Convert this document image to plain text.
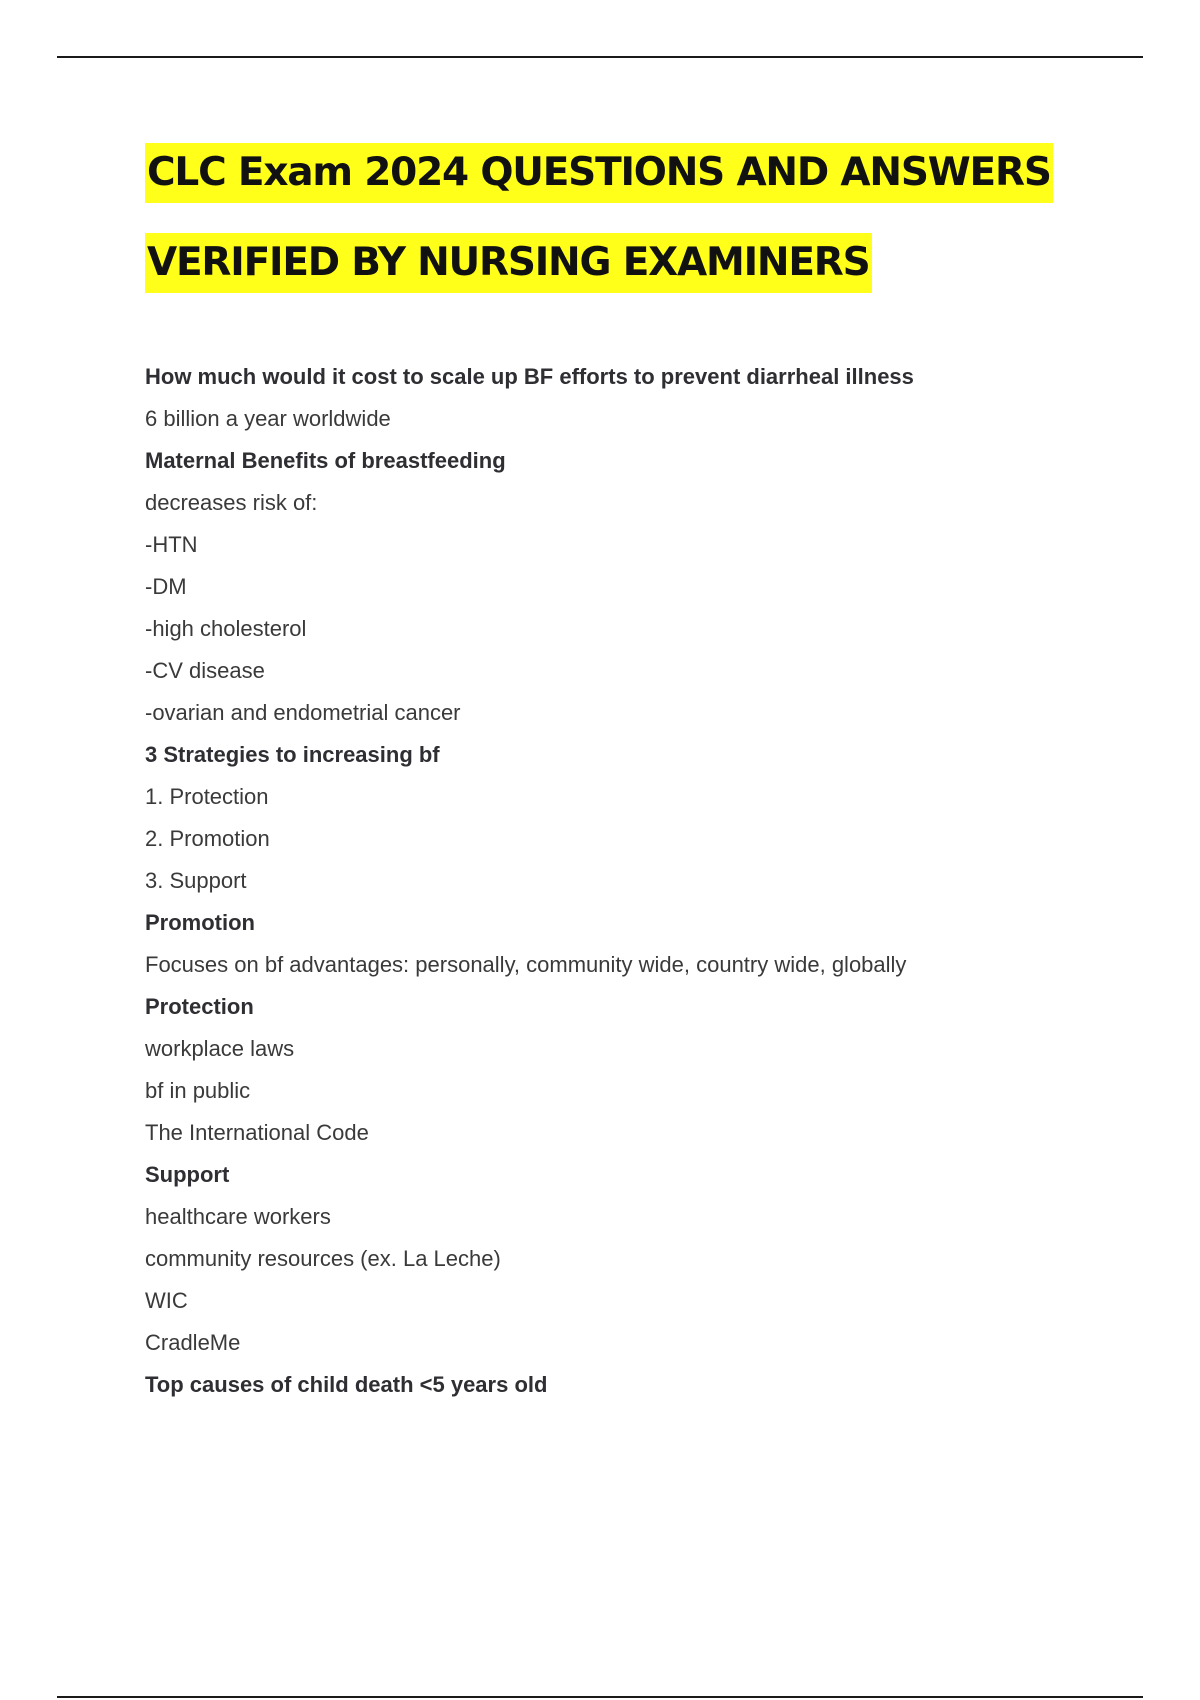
CLC Exam 2024 QUESTIONS AND ANSWERS
VERIFIED BY NURSING EXAMINERS
How much would it cost to scale up BF efforts to prevent diarrheal illness
6 billion a year worldwide
Maternal Benefits of breastfeeding
decreases risk of:
-HTN
-DM
-high cholesterol
-CV disease
-ovarian and endometrial cancer
3 Strategies to increasing bf
1. Protection
2. Promotion
3. Support
Promotion
Focuses on bf advantages: personally, community wide, country wide, globally
Protection
workplace laws
bf in public
The International Code
Support
healthcare workers
community resources (ex. La Leche)
WIC
CradleMe
Top causes of child death <5 years old
